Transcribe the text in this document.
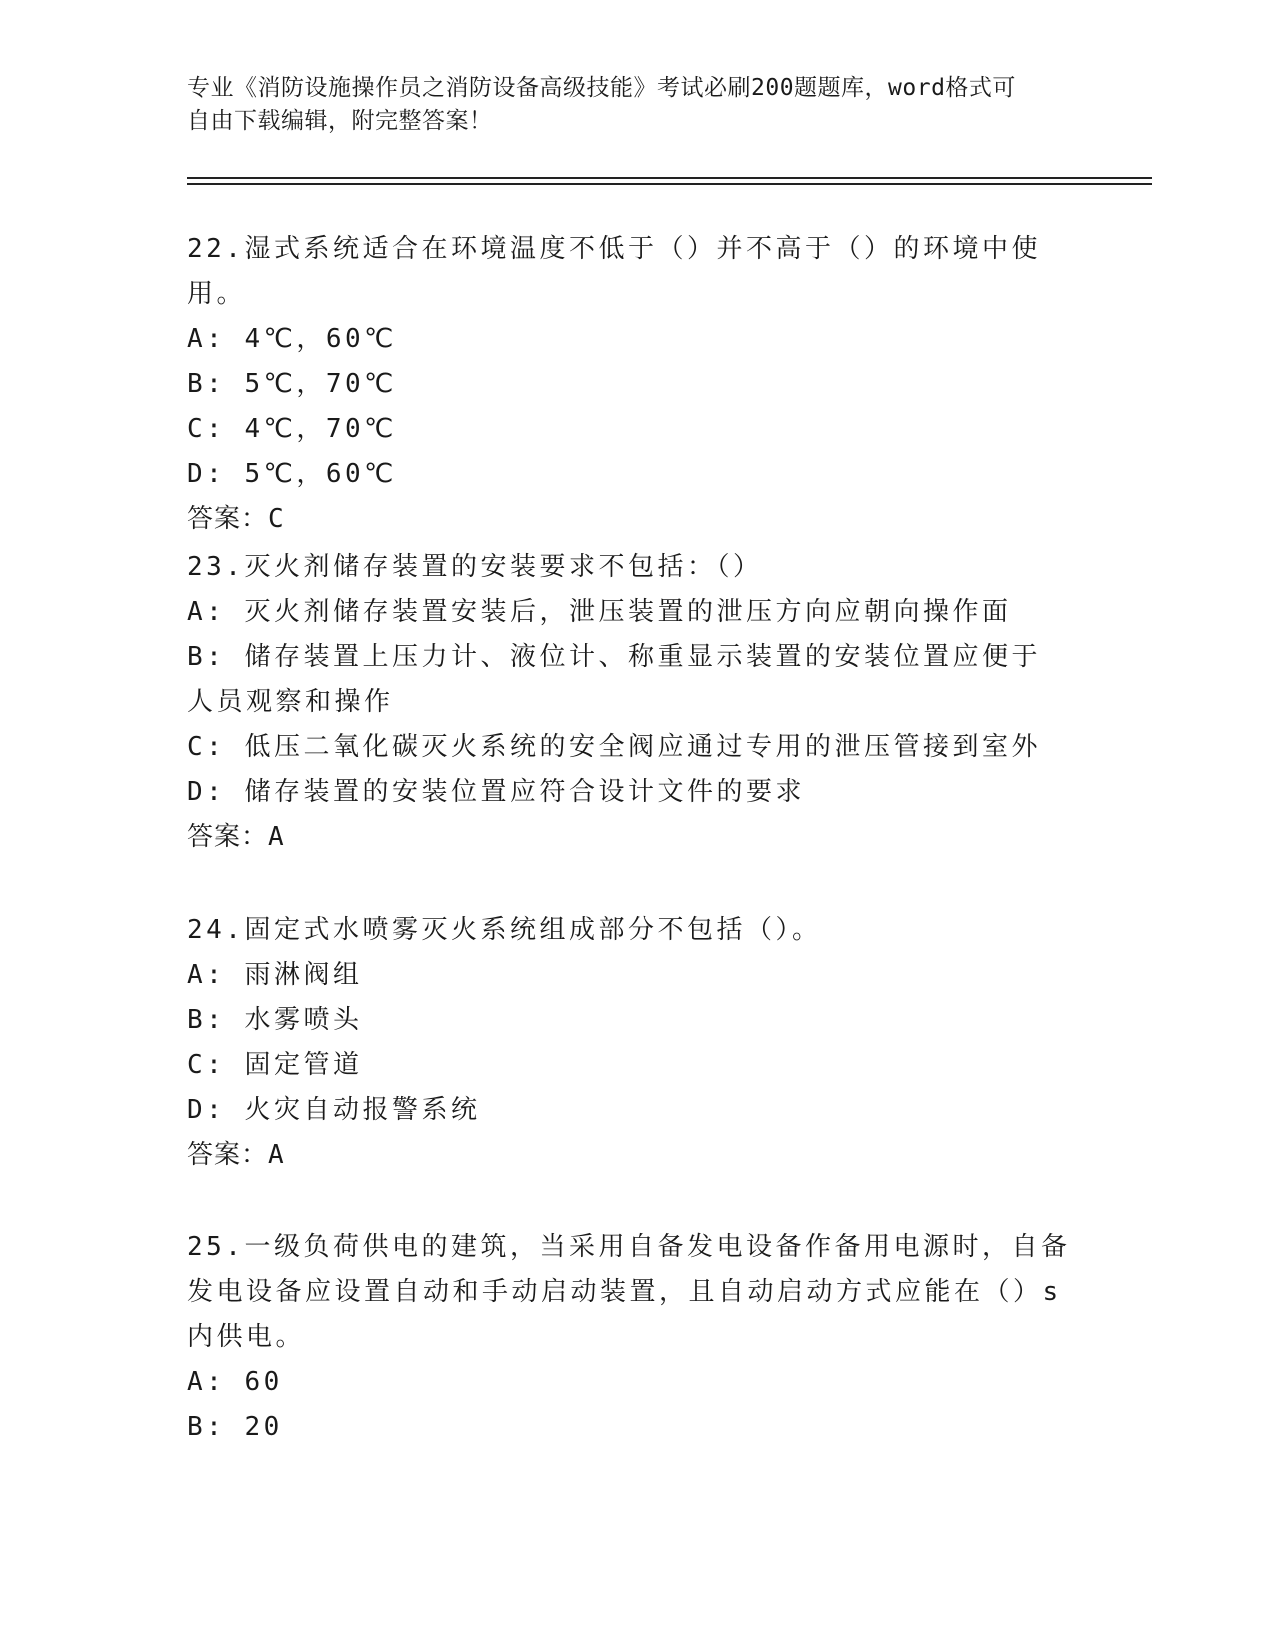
专业《消防设施操作员之消防设备高级技能》考试必刷200题题库，word格式可
自由下载编辑，附完整答案！

22.湿式系统适合在环境温度不低于（）并不高于（）的环境中使用。

A: 4℃，60℃

B: 5℃，70℃

C: 4℃，70℃

D: 5℃，60℃

答案：C

23.灭火剂储存装置的安装要求不包括：（）

A: 灭火剂储存装置安装后，泄压装置的泄压方向应朝向操作面

B: 储存装置上压力计、液位计、称重显示装置的安装位置应便于人员观察和操作

C: 低压二氧化碳灭火系统的安全阀应通过专用的泄压管接到室外

D: 储存装置的安装位置应符合设计文件的要求

答案：A

24.固定式水喷雾灭火系统组成部分不包括（）。

A: 雨淋阀组

B: 水雾喷头

C: 固定管道

D: 火灾自动报警系统

答案：A

25.一级负荷供电的建筑，当采用自备发电设备作备用电源时，自备发电设备应设置自动和手动启动装置，且自动启动方式应能在（）s内供电。

A: 60

B: 20
